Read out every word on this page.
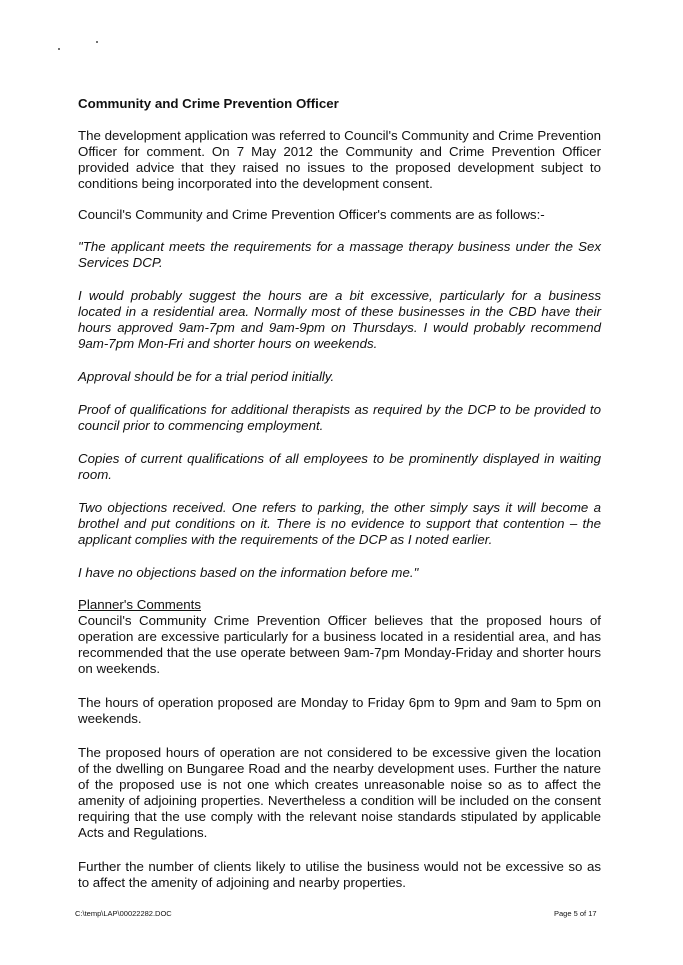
Community and Crime Prevention Officer

The development application was referred to Council's Community and Crime Prevention Officer for comment. On 7 May 2012 the Community and Crime Prevention Officer provided advice that they raised no issues to the proposed development subject to conditions being incorporated into the development consent.

Council's Community and Crime Prevention Officer's comments are as follows:-

"The applicant meets the requirements for a massage therapy business under the Sex Services DCP.

I would probably suggest the hours are a bit excessive, particularly for a business located in a residential area. Normally most of these businesses in the CBD have their hours approved 9am-7pm and 9am-9pm on Thursdays. I would probably recommend 9am-7pm Mon-Fri and shorter hours on weekends.

Approval should be for a trial period initially.

Proof of qualifications for additional therapists as required by the DCP to be provided to council prior to commencing employment.

Copies of current qualifications of all employees to be prominently displayed in waiting room.

Two objections received. One refers to parking, the other simply says it will become a brothel and put conditions on it. There is no evidence to support that contention – the applicant complies with the requirements of the DCP as I noted earlier.

I have no objections based on the information before me."

Planner's Comments

Council's Community Crime Prevention Officer believes that the proposed hours of operation are excessive particularly for a business located in a residential area, and has recommended that the use operate between 9am-7pm Monday-Friday and shorter hours on weekends.

The hours of operation proposed are Monday to Friday 6pm to 9pm and 9am to 5pm on weekends.

The proposed hours of operation are not considered to be excessive given the location of the dwelling on Bungaree Road and the nearby development uses. Further the nature of the proposed use is not one which creates unreasonable noise so as to affect the amenity of adjoining properties. Nevertheless a condition will be included on the consent requiring that the use comply with the relevant noise standards stipulated by applicable Acts and Regulations.

Further the number of clients likely to utilise the business would not be excessive so as to affect the amenity of adjoining and nearby properties.

C:\temp\LAP\00022282.DOC	Page 5 of 17
